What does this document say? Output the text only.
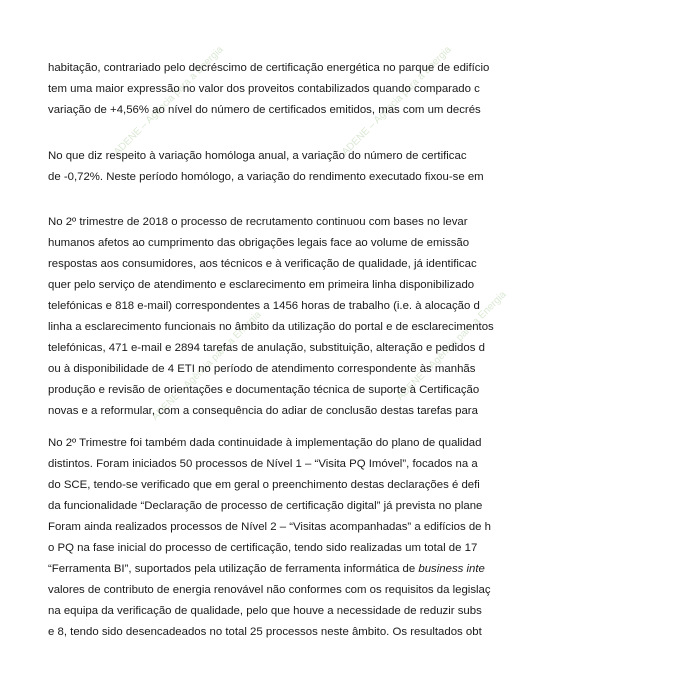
ADENE – Agência para a Energia	ADENE – Agência para a Energia
ADENE – Agência para a Energia	ADENE – Agência para a Energia
habitação, contrariado pelo decréscimo de certificação energética no parque de edifício
tem uma maior expressão no valor dos proveitos contabilizados quando comparado c
variação de +4,56% ao nível do número de certificados emitidos, mas com um decrés
No que diz respeito à variação homóloga anual, a variação do número de certificac
de -0,72%. Neste período homólogo, a variação do rendimento executado fixou-se em
No 2º trimestre de 2018 o processo de recrutamento continuou com bases no levar
humanos afetos ao cumprimento das obrigações legais face ao volume de emissão
respostas aos consumidores, aos técnicos e à verificação de qualidade, já identificac
quer pelo serviço de atendimento e esclarecimento em primeira linha disponibilizado
telefónicas e 818 e-mail) correspondentes a 1456 horas de trabalho (i.e. à alocação d
linha a esclarecimento funcionais no âmbito da utilização do portal e de esclarecimentos
telefónicas, 471 e-mail e 2894 tarefas de anulação, substituição, alteração e pedidos d
ou à disponibilidade de 4 ETI no período de atendimento correspondente às manhãs
produção e revisão de orientações e documentação técnica de suporte à Certificação
novas e a reformular, com a consequência do adiar de conclusão destas tarefas para
No 2º Trimestre foi também dada continuidade à implementação do plano de qualidad
distintos. Foram iniciados 50 processos de Nível 1 – “Visita PQ Imóvel”, focados na a
do SCE, tendo-se verificado que em geral o preenchimento destas declarações é defi
da funcionalidade “Declaração de processo de certificação digital” já prevista no plane
Foram ainda realizados processos de Nível 2 – “Visitas acompanhadas” a edifícios de h
o PQ na fase inicial do processo de certificação, tendo sido realizadas um total de 17
“Ferramenta BI”, suportados pela utilização de ferramenta informática de business inte
valores de contributo de energia renovável não conformes com os requisitos da legislaç
na equipa da verificação de qualidade, pelo que houve a necessidade de reduzir subs
e 8, tendo sido desencadeados no total 25 processos neste âmbito. Os resultados obt
